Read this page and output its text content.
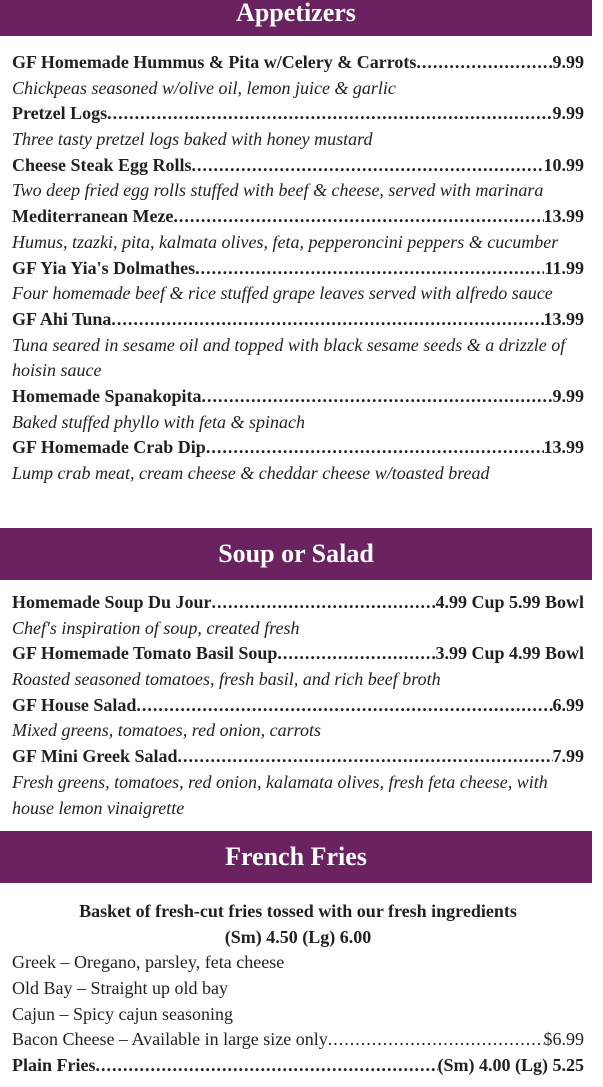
Appetizers
GF Homemade Hummus & Pita w/Celery & Carrots .....	9.99
Chickpeas seasoned w/olive oil, lemon juice & garlic
Pretzel Logs .....	9.99
Three tasty pretzel logs baked with honey mustard
Cheese Steak Egg Rolls .....	10.99
Two deep fried egg rolls stuffed with beef & cheese, served with marinara
Mediterranean Meze .....	13.99
Humus, tzazki, pita, kalmata olives, feta, pepperoncini peppers & cucumber
GF Yia Yia's Dolmathes .....	11.99
Four homemade beef & rice stuffed grape leaves served with alfredo sauce
GF Ahi Tuna .....	13.99
Tuna seared in sesame oil and topped with black sesame seeds & a drizzle of hoisin sauce
Homemade Spanakopita .....	9.99
Baked stuffed phyllo with feta & spinach
GF Homemade Crab Dip .....	13.99
Lump crab meat, cream cheese & cheddar cheese w/toasted bread
Soup or Salad
Homemade Soup Du Jour .....	4.99 Cup 5.99 Bowl
Chef's inspiration of soup, created fresh
GF Homemade Tomato Basil Soup .....	3.99 Cup 4.99 Bowl
Roasted seasoned tomatoes, fresh basil, and rich beef broth
GF House Salad .....	6.99
Mixed greens, tomatoes, red onion, carrots
GF Mini Greek Salad .....	7.99
Fresh greens, tomatoes, red onion, kalamata olives, fresh feta cheese, with house lemon vinaigrette
French Fries
Basket of fresh-cut fries tossed with our fresh ingredients
(Sm) 4.50 (Lg) 6.00
Greek – Oregano, parsley, feta cheese
Old Bay – Straight up old bay
Cajun – Spicy cajun seasoning
Bacon Cheese – Available in large size only .....	$6.99
Plain Fries .....	(Sm) 4.00 (Lg) 5.25
